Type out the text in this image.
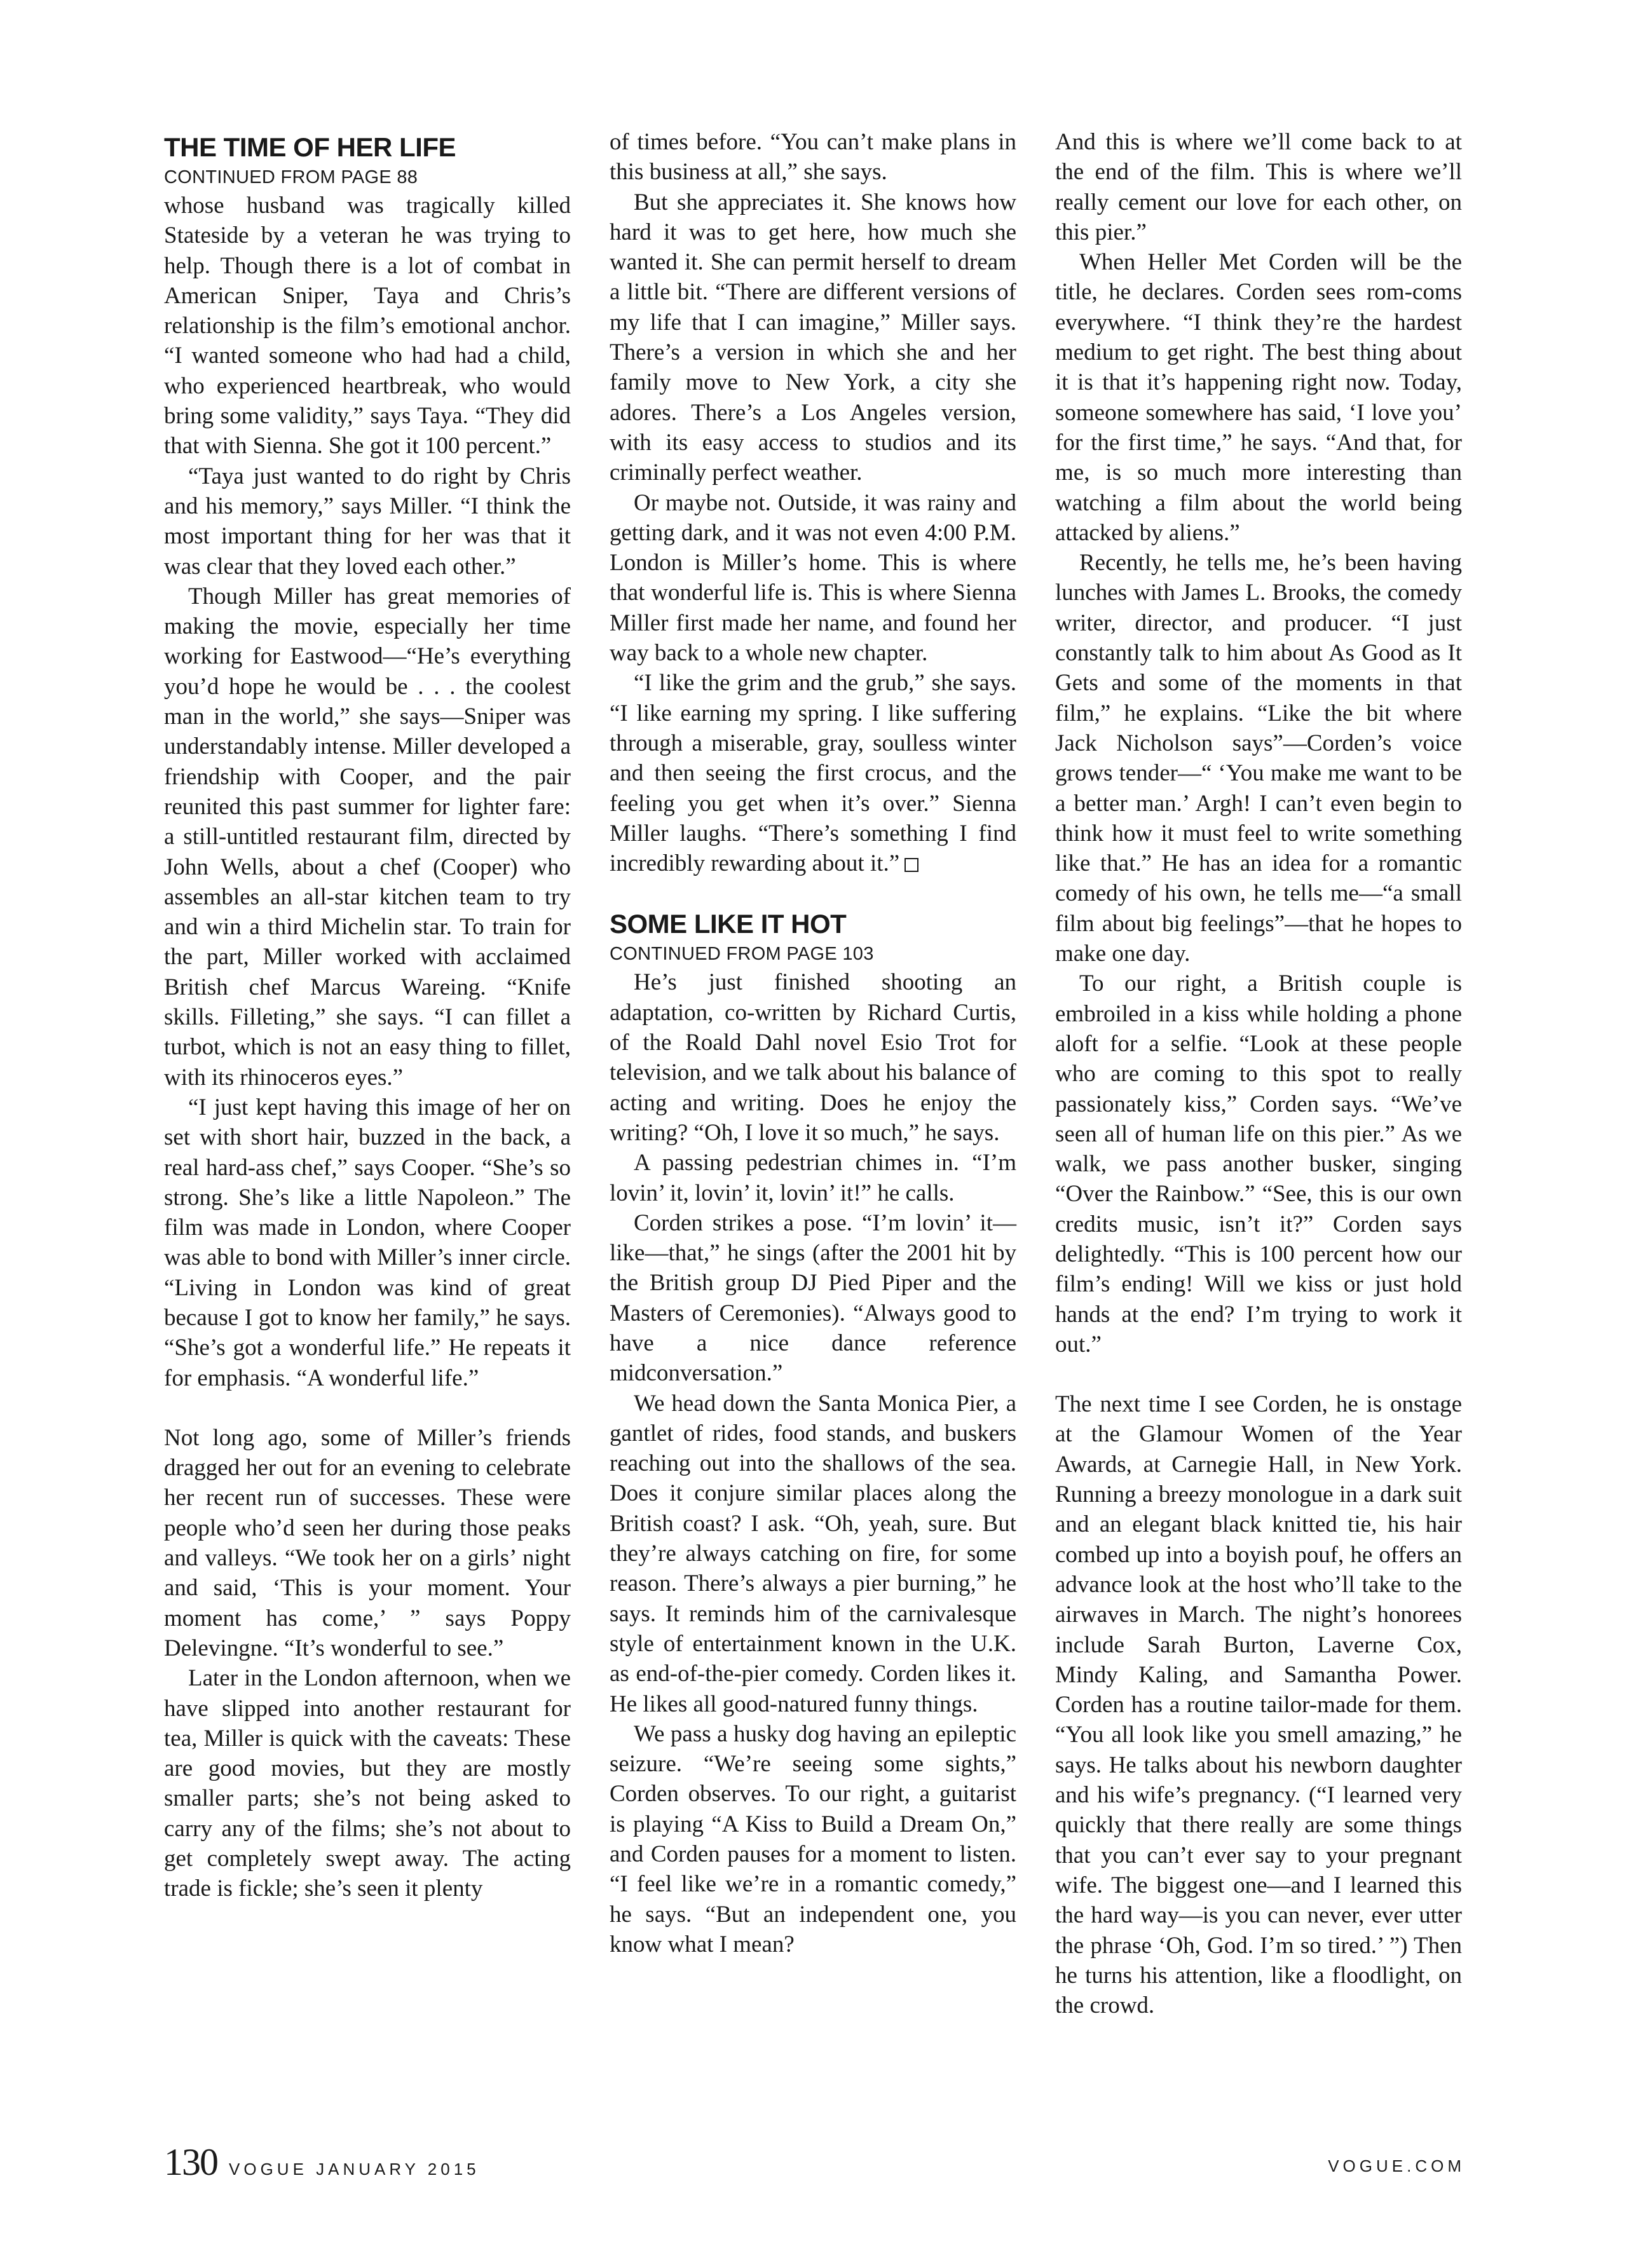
THE TIME OF HER LIFE
CONTINUED FROM PAGE 88

whose husband was tragically killed Stateside by a veteran he was trying to help. Though there is a lot of combat in American Sniper, Taya and Chris’s relationship is the film’s emotional anchor. “I wanted someone who had had a child, who experienced heartbreak, who would bring some validity,” says Taya. “They did that with Sienna. She got it 100 percent.”

“Taya just wanted to do right by Chris and his memory,” says Miller. “I think the most important thing for her was that it was clear that they loved each other.”

Though Miller has great memories of making the movie, especially her time working for Eastwood—“He’s everything you’d hope he would be . . . the coolest man in the world,” she says—Sniper was understandably intense. Miller developed a friendship with Cooper, and the pair reunited this past summer for lighter fare: a still-untitled restaurant film, directed by John Wells, about a chef (Cooper) who assembles an all-star kitchen team to try and win a third Michelin star. To train for the part, Miller worked with acclaimed British chef Marcus Wareing. “Knife skills. Filleting,” she says. “I can fillet a turbot, which is not an easy thing to fillet, with its rhinoceros eyes.”

“I just kept having this image of her on set with short hair, buzzed in the back, a real hard-ass chef,” says Cooper. “She’s so strong. She’s like a little Napoleon.” The film was made in London, where Cooper was able to bond with Miller’s inner circle. “Living in London was kind of great because I got to know her family,” he says. “She’s got a wonderful life.” He repeats it for emphasis. “A wonderful life.”

Not long ago, some of Miller’s friends dragged her out for an evening to celebrate her recent run of successes. These were people who’d seen her during those peaks and valleys. “We took her on a girls’ night and said, ‘This is your moment. Your moment has come,’ ” says Poppy Delevingne. “It’s wonderful to see.”

Later in the London afternoon, when we have slipped into another restaurant for tea, Miller is quick with the caveats: These are good movies, but they are mostly smaller parts; she’s not being asked to carry any of the films; she’s not about to get completely swept away. The acting trade is fickle; she’s seen it plenty

of times before. “You can’t make plans in this business at all,” she says.

But she appreciates it. She knows how hard it was to get here, how much she wanted it. She can permit herself to dream a little bit. “There are different versions of my life that I can imagine,” Miller says. There’s a version in which she and her family move to New York, a city she adores. There’s a Los Angeles version, with its easy access to studios and its criminally perfect weather.

Or maybe not. Outside, it was rainy and getting dark, and it was not even 4:00 P.M. London is Miller’s home. This is where that wonderful life is. This is where Sienna Miller first made her name, and found her way back to a whole new chapter.

“I like the grim and the grub,” she says. “I like earning my spring. I like suffering through a miserable, gray, soulless winter and then seeing the first crocus, and the feeling you get when it’s over.” Sienna Miller laughs. “There’s something I find incredibly rewarding about it.”

SOME LIKE IT HOT
CONTINUED FROM PAGE 103

He’s just finished shooting an adaptation, co-written by Richard Curtis, of the Roald Dahl novel Esio Trot for television, and we talk about his balance of acting and writing. Does he enjoy the writing? “Oh, I love it so much,” he says.

A passing pedestrian chimes in. “I’m lovin’ it, lovin’ it, lovin’ it!” he calls.

Corden strikes a pose. “I’m lovin’ it—like—that,” he sings (after the 2001 hit by the British group DJ Pied Piper and the Masters of Ceremonies). “Always good to have a nice dance reference midconversation.”

We head down the Santa Monica Pier, a gantlet of rides, food stands, and buskers reaching out into the shallows of the sea. Does it conjure similar places along the British coast? I ask. “Oh, yeah, sure. But they’re always catching on fire, for some reason. There’s always a pier burning,” he says. It reminds him of the carnivalesque style of entertainment known in the U.K. as end-of-the-pier comedy. Corden likes it. He likes all good-natured funny things.

We pass a husky dog having an epileptic seizure. “We’re seeing some sights,” Corden observes. To our right, a guitarist is playing “A Kiss to Build a Dream On,” and Corden pauses for a moment to listen. “I feel like we’re in a romantic comedy,” he says. “But an independent one, you know what I mean?

And this is where we’ll come back to at the end of the film. This is where we’ll really cement our love for each other, on this pier.”

When Heller Met Corden will be the title, he declares. Corden sees rom-coms everywhere. “I think they’re the hardest medium to get right. The best thing about it is that it’s happening right now. Today, someone somewhere has said, ‘I love you’ for the first time,” he says. “And that, for me, is so much more interesting than watching a film about the world being attacked by aliens.”

Recently, he tells me, he’s been having lunches with James L. Brooks, the comedy writer, director, and producer. “I just constantly talk to him about As Good as It Gets and some of the moments in that film,” he explains. “Like the bit where Jack Nicholson says”—Corden’s voice grows tender—“ ‘You make me want to be a better man.’ Argh! I can’t even begin to think how it must feel to write something like that.” He has an idea for a romantic comedy of his own, he tells me—“a small film about big feelings”—that he hopes to make one day.

To our right, a British couple is embroiled in a kiss while holding a phone aloft for a selfie. “Look at these people who are coming to this spot to really passionately kiss,” Corden says. “We’ve seen all of human life on this pier.” As we walk, we pass another busker, singing “Over the Rainbow.” “See, this is our own credits music, isn’t it?” Corden says delightedly. “This is 100 percent how our film’s ending! Will we kiss or just hold hands at the end? I’m trying to work it out.”

The next time I see Corden, he is onstage at the Glamour Women of the Year Awards, at Carnegie Hall, in New York. Running a breezy monologue in a dark suit and an elegant black knitted tie, his hair combed up into a boyish pouf, he offers an advance look at the host who’ll take to the airwaves in March. The night’s honorees include Sarah Burton, Laverne Cox, Mindy Kaling, and Samantha Power. Corden has a routine tailor-made for them. “You all look like you smell amazing,” he says. He talks about his newborn daughter and his wife’s pregnancy. (“I learned very quickly that there really are some things that you can’t ever say to your pregnant wife. The biggest one—and I learned this the hard way—is you can never, ever utter the phrase ‘Oh, God. I’m so tired.’ ”) Then he turns his attention, like a floodlight, on the crowd.

130 VOGUE JANUARY 2015	VOGUE.COM
